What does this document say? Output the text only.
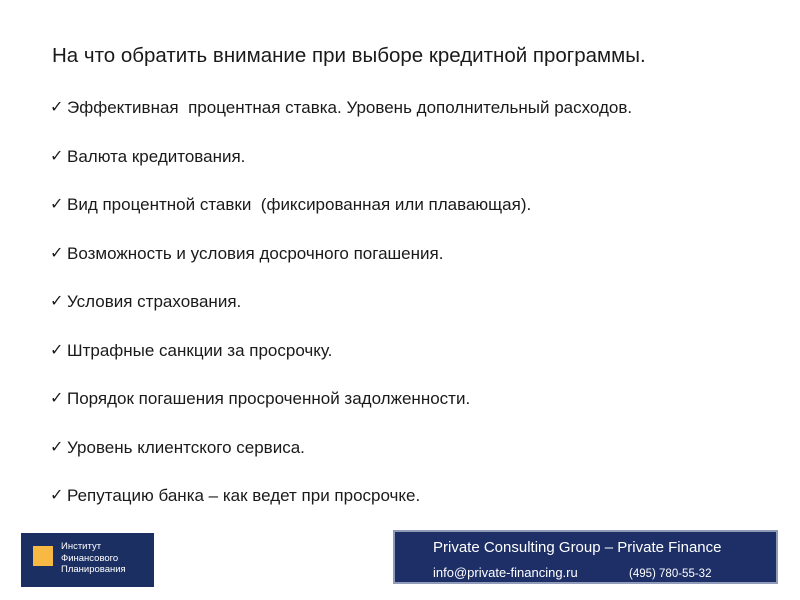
На что обратить внимание при выборе кредитной программы.
✓ Эффективная  процентная ставка. Уровень дополнительный расходов.
✓ Валюта кредитования.
✓ Вид процентной ставки  (фиксированная или плавающая).
✓ Возможность и условия досрочного погашения.
✓ Условия страхования.
✓ Штрафные санкции за просрочку.
✓ Порядок погашения просроченной задолженности.
✓ Уровень клиентского сервиса.
✓ Репутацию банка – как ведет при просрочке.
Институт
Финансового
Планирования
Private Consulting Group – Private Finance
info@private-financing.ru	(495) 780-55-32
